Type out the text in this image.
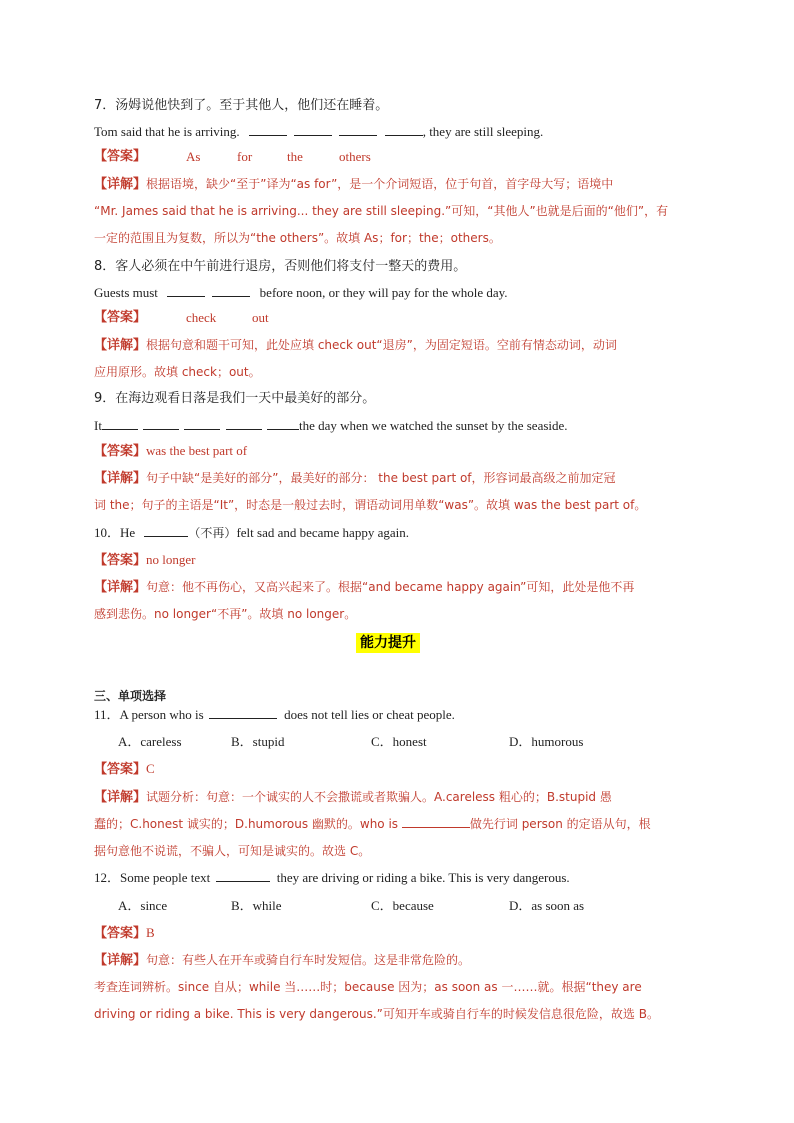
7．汤姆说他快到了。至于其他人，他们还在睡着。
Tom said that he is arriving.	, they are still sleeping.
【答案】	As	for	the	others
【详解】根据语境，缺少“至于”译为“as for”，是一个介词短语，位于句首，首字母大写；语境中
“Mr. James said that he is arriving... they are still sleeping.”可知，“其他人”也就是后面的“他们”，有
一定的范围且为复数，所以为“the others”。故填 As；for；the；others。
8．客人必须在中午前进行退房，否则他们将支付一整天的费用。
Guests must	before noon, or they will pay for the whole day.
【答案】	check	out
【详解】根据句意和题干可知，此处应填 check out“退房”，为固定短语。空前有情态动词，动词
应用原形。故填 check；out。
9．在海边观看日落是我们一天中最美好的部分。
It	the day when we watched the sunset by the seaside.
【答案】was the best part of
【详解】句子中缺“是美好的部分”，最美好的部分： the best part of，形容词最高级之前加定冠
词 the；句子的主语是“It”，时态是一般过去时，谓语动词用单数“was”。故填 was the best part of。
10．He	（不再）felt sad and became happy again.
【答案】no longer
【详解】句意：他不再伤心，又高兴起来了。根据“and became happy again”可知，此处是他不再
感到悲伤。no longer“不再”。故填 no longer。
能力提升
三、单项选择
11．A person who is	does not tell lies or cheat people.
A．careless	B．stupid	C．honest	D．humorous
【答案】C
【详解】试题分析：句意：一个诚实的人不会撒谎或者欺骗人。A.careless 粗心的；B.stupid 愚
蠢的；C.honest 诚实的；D.humorous 幽默的。who is	做先行词 person 的定语从句，根
据句意他不说谎，不骗人，可知是诚实的。故选 C。
12．Some people text	they are driving or riding a bike. This is very dangerous.
A．since	B．while	C．because	D．as soon as
【答案】B
【详解】句意：有些人在开车或骑自行车时发短信。这是非常危险的。
考查连词辨析。since 自从；while 当……时；because 因为；as soon as 一……就。根据“they are
driving or riding a bike. This is very dangerous.”可知开车或骑自行车的时候发信息很危险，故选 B。
